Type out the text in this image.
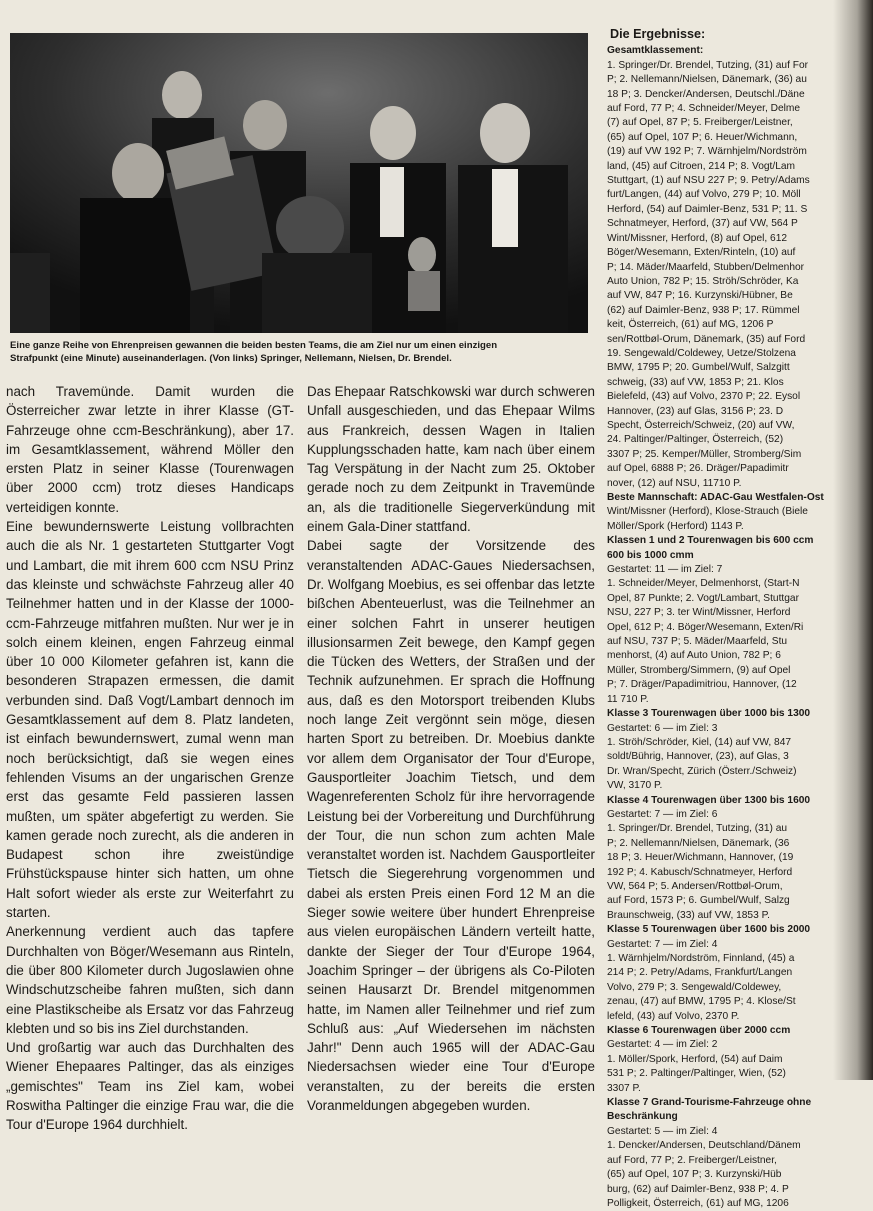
Eine ganze Reihe von Ehrenpreisen gewannen die beiden besten Teams, die am Ziel nur um einen einzigen
Strafpunkt (eine Minute) auseinanderlagen. (Von links) Springer, Nellemann, Nielsen, Dr. Brendel.

nach Travemünde. Damit wurden die Österreicher zwar letzte in ihrer Klasse (GT-Fahrzeuge ohne ccm-Beschränkung), aber 17. im Gesamtklassement, während Möller den ersten Platz in seiner Klasse (Tourenwagen über 2000 ccm) trotz dieses Handicaps verteidigen konnte.

Eine bewundernswerte Leistung vollbrachten auch die als Nr. 1 gestarteten Stuttgarter Vogt und Lambart, die mit ihrem 600 ccm NSU Prinz das kleinste und schwächste Fahrzeug aller 40 Teilnehmer hatten und in der Klasse der 1000-ccm-Fahrzeuge mitfahren mußten. Nur wer je in solch einem kleinen, engen Fahrzeug einmal über 10 000 Kilometer gefahren ist, kann die besonderen Strapazen ermessen, die damit verbunden sind. Daß Vogt/Lambart dennoch im Gesamtklassement auf dem 8. Platz landeten, ist einfach bewundernswert, zumal wenn man noch berücksichtigt, daß sie wegen eines fehlenden Visums an der ungarischen Grenze erst das gesamte Feld passieren lassen mußten, um später abgefertigt zu werden. Sie kamen gerade noch zurecht, als die anderen in Budapest schon ihre zweistündige Frühstückspause hinter sich hatten, um ohne Halt sofort wieder als erste zur Weiterfahrt zu starten.

Anerkennung verdient auch das tapfere Durchhalten von Böger/Wesemann aus Rinteln, die über 800 Kilometer durch Jugoslawien ohne Windschutzscheibe fahren mußten, sich dann eine Plastikscheibe als Ersatz vor das Fahrzeug klebten und so bis ins Ziel durchstanden.

Und großartig war auch das Durchhalten des Wiener Ehepaares Paltinger, das als einziges „gemischtes" Team ins Ziel kam, wobei Roswitha Paltinger die einzige Frau war, die die Tour d'Europe 1964 durchhielt.

Das Ehepaar Ratschkowski war durch schweren Unfall ausgeschieden, und das Ehepaar Wilms aus Frankreich, dessen Wagen in Italien Kupplungsschaden hatte, kam nach über einem Tag Verspätung in der Nacht zum 25. Oktober gerade noch zu dem Zeitpunkt in Travemünde an, als die traditionelle Siegerverkündung mit einem Gala-Diner stattfand.

Dabei sagte der Vorsitzende des veranstaltenden ADAC-Gaues Niedersachsen, Dr. Wolfgang Moebius, es sei offenbar das letzte bißchen Abenteuerlust, was die Teilnehmer an einer solchen Fahrt in unserer heutigen illusionsarmen Zeit bewege, den Kampf gegen die Tücken des Wetters, der Straßen und der Technik aufzunehmen. Er sprach die Hoffnung aus, daß es den Motorsport treibenden Klubs noch lange Zeit vergönnt sein möge, diesen harten Sport zu betreiben. Dr. Moebius dankte vor allem dem Organisator der Tour d'Europe, Gausportleiter Joachim Tietsch, und dem Wagenreferenten Scholz für ihre hervorragende Leistung bei der Vorbereitung und Durchführung der Tour, die nun schon zum achten Male veranstaltet worden ist. Nachdem Gausportleiter Tietsch die Siegerehrung vorgenommen und dabei als ersten Preis einen Ford 12 M an die Sieger sowie weitere über hundert Ehrenpreise aus vielen europäischen Ländern verteilt hatte, dankte der Sieger der Tour d'Europe 1964, Joachim Springer – der übrigens als Co-Piloten seinen Hausarzt Dr. Brendel mitgenommen hatte, im Namen aller Teilnehmer und rief zum Schluß aus: „Auf Wiedersehen im nächsten Jahr!" Denn auch 1965 will der ADAC-Gau Niedersachsen wieder eine Tour d'Europe veranstalten, zu der bereits die ersten Voranmeldungen abgegeben wurden.

Die Ergebnisse:
Gesamtklassement:
1. Springer/Dr. Brendel, Tutzing, (31) auf For
P; 2. Nellemann/Nielsen, Dänemark, (36) au
18 P; 3. Dencker/Andersen, Deutschl./Däne
auf Ford, 77 P; 4. Schneider/Meyer, Delme
(7) auf Opel, 87 P; 5. Freiberger/Leistner,
(65) auf Opel, 107 P; 6. Heuer/Wichmann,
(19) auf VW 192 P; 7. Wärnhjelm/Nordström
land, (45) auf Citroen, 214 P; 8. Vogt/Lam
Stuttgart, (1) auf NSU 227 P; 9. Petry/Adams
furt/Langen, (44) auf Volvo, 279 P; 10. Möll
Herford, (54) auf Daimler-Benz, 531 P; 11. S
Schnatmeyer, Herford, (37) auf VW, 564 P
Wint/Missner, Herford, (8) auf Opel, 612
Böger/Wesemann, Exten/Rinteln, (10) auf
P; 14. Mäder/Maarfeld, Stubben/Delmenhor
Auto Union, 782 P; 15. Ströh/Schröder, Ka
auf VW, 847 P; 16. Kurzynski/Hübner, Be
(62) auf Daimler-Benz, 938 P; 17. Rümmel
keit, Österreich, (61) auf MG, 1206 P
sen/Rottbøl-Orum, Dänemark, (35) auf Ford
19. Sengewald/Coldewey, Uetze/Stolzena
BMW, 1795 P; 20. Gumbel/Wulf, Salzgitt
schweig, (33) auf VW, 1853 P; 21. Klos
Bielefeld, (43) auf Volvo, 2370 P; 22. Eysol
Hannover, (23) auf Glas, 3156 P; 23. D
Specht, Österreich/Schweiz, (20) auf VW,
24. Paltinger/Paltinger, Österreich, (52)
3307 P; 25. Kemper/Müller, Stromberg/Sim
auf Opel, 6888 P; 26. Dräger/Papadimitr
nover, (12) auf NSU, 11710 P.
Beste Mannschaft: ADAC-Gau Westfalen-Ost
Wint/Missner (Herford), Klose-Strauch (Biele
Möller/Spork (Herford) 1143 P.
Klassen 1 und 2 Tourenwagen bis 600 ccm
600 bis 1000 cmm
Gestartet: 11 — im Ziel: 7
1. Schneider/Meyer, Delmenhorst, (Start-N
Opel, 87 Punkte; 2. Vogt/Lambart, Stuttgar
NSU, 227 P; 3. ter Wint/Missner, Herford
Opel, 612 P; 4. Böger/Wesemann, Exten/Ri
auf NSU, 737 P; 5. Mäder/Maarfeld, Stu
menhorst, (4) auf Auto Union, 782 P; 6
Müller, Stromberg/Simmern, (9) auf Opel
P; 7. Dräger/Papadimitriou, Hannover, (12
11 710 P.
Klasse 3 Tourenwagen über 1000 bis 1300
Gestartet: 6 — im Ziel: 3
1. Ströh/Schröder, Kiel, (14) auf VW, 847
soldt/Bührig, Hannover, (23), auf Glas, 3
Dr. Wran/Specht, Zürich (Österr./Schweiz)
VW, 3170 P.
Klasse 4 Tourenwagen über 1300 bis 1600
Gestartet: 7 — im Ziel: 6
1. Springer/Dr. Brendel, Tutzing, (31) au
P; 2. Nellemann/Nielsen, Dänemark, (36
18 P; 3. Heuer/Wichmann, Hannover, (19
192 P; 4. Kabusch/Schnatmeyer, Herford
VW, 564 P; 5. Andersen/Rottbøl-Orum,
auf Ford, 1573 P; 6. Gumbel/Wulf, Salzg
Braunschweig, (33) auf VW, 1853 P.
Klasse 5 Tourenwagen über 1600 bis 2000
Gestartet: 7 — im Ziel: 4
1. Wärnhjelm/Nordström, Finnland, (45) a
214 P; 2. Petry/Adams, Frankfurt/Langen
Volvo, 279 P; 3. Sengewald/Coldewey,
zenau, (47) auf BMW, 1795 P; 4. Klose/St
lefeld, (43) auf Volvo, 2370 P.
Klasse 6 Tourenwagen über 2000 ccm
Gestartet: 4 — im Ziel: 2
1. Möller/Spork, Herford, (54) auf Daim
531 P; 2. Paltinger/Paltinger, Wien, (52)
3307 P.
Klasse 7 Grand-Tourisme-Fahrzeuge ohne
Beschränkung
Gestartet: 5 — im Ziel: 4
1. Dencker/Andersen, Deutschland/Dänem
auf Ford, 77 P; 2. Freiberger/Leistner,
(65) auf Opel, 107 P; 3. Kurzynski/Hüb
burg, (62) auf Daimler-Benz, 938 P; 4. P
Polligkeit, Österreich, (61) auf MG, 1206
